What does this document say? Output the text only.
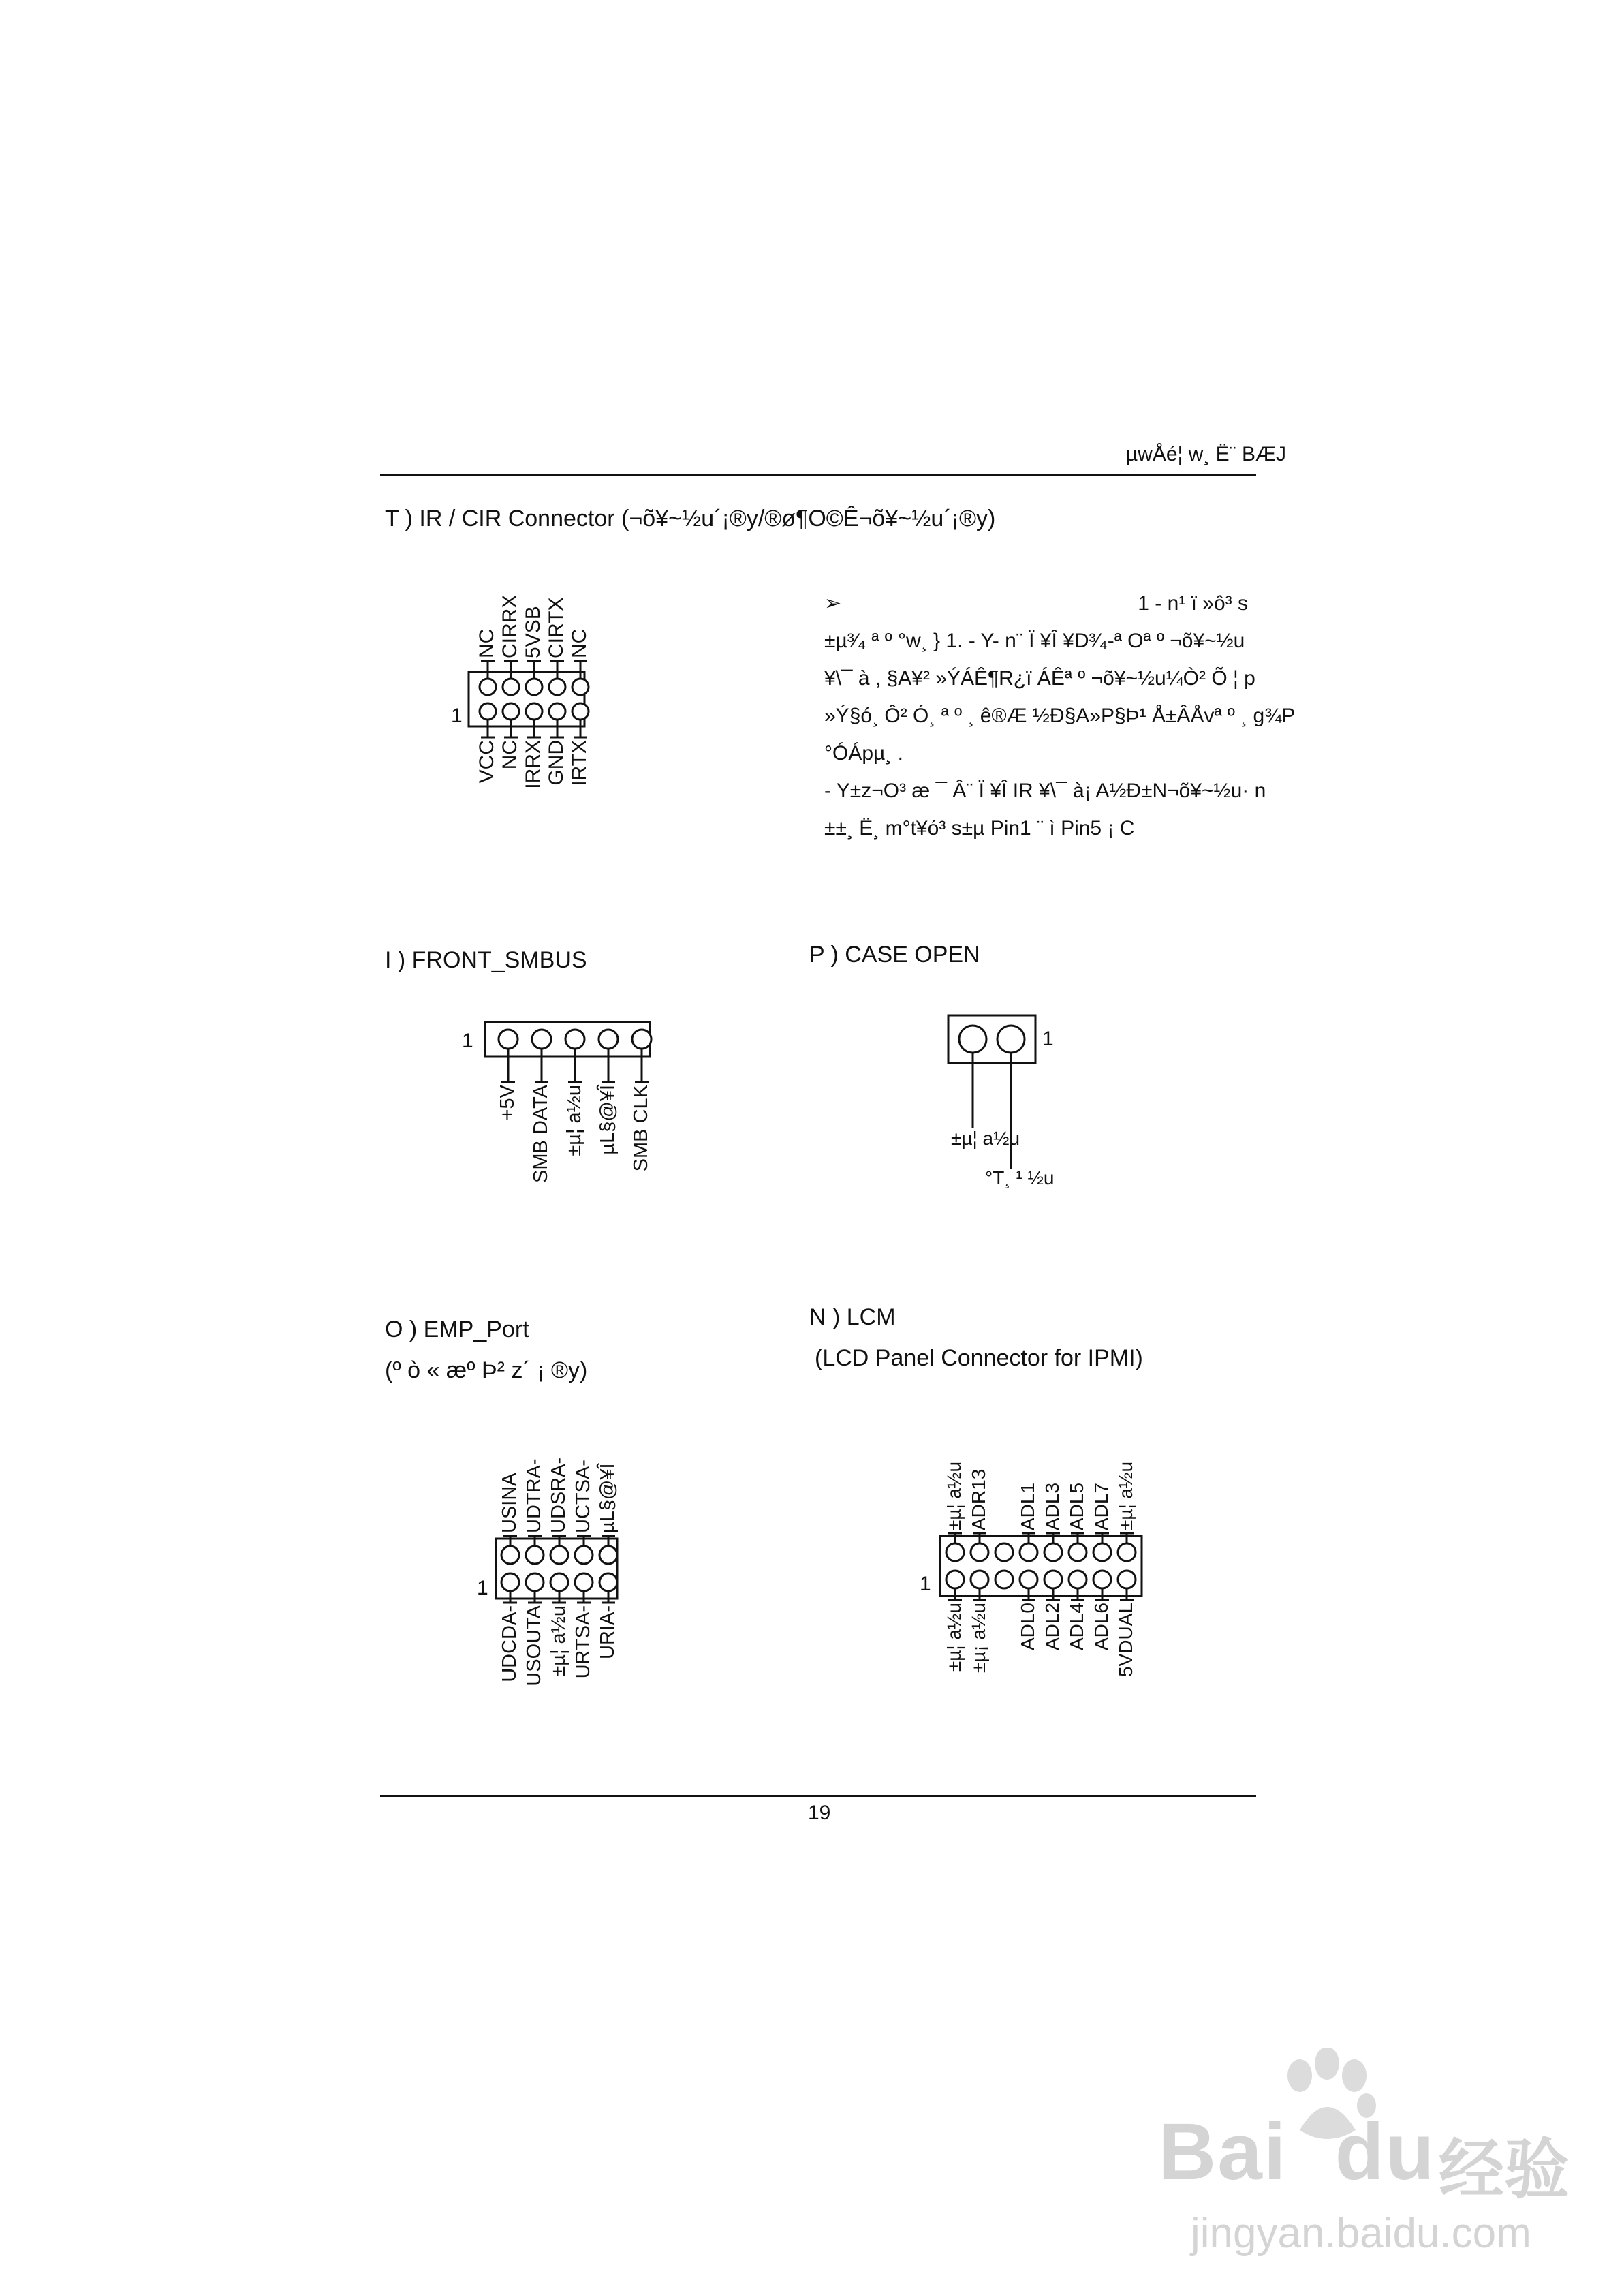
µwÅé¦ w¸ Ë¨ BÆJ
T ) IR / CIR Connector (¬õ¥~½u´¡®y/®ø¶O©Ê¬õ¥~½u´¡®y)
1
NC CIRRX 5VSB CIRTX NC
VCC NC IRRX GND IRTX
➢	1 - n¹ ï »ô³ s
±µ³⁄₄ ª º °w¸ } 1. - Y- n¨ Ï ¥Î ¥D³⁄₄-ª Oª º ¬õ¥~½u
¥\¯ à , §A¥² »ÝÁÊ¶R¿ï ÁÊª º ¬õ¥~½u¼Ò² Õ ¦ p
»Ý§ó¸ Ô² Ó¸ ª º ¸ ê®Æ ½Ð§A»P§Þ¹ Å±ÂÅvª º ¸ g¾P
°ÓÁpµ¸ .
- Y±z¬O³ æ ¯ Â¨ Ï ¥Î IR ¥\¯ à¡ A½Ð±N¬õ¥~½u· n
±±¸ Ë¸ m°t¥ó³ s±µ Pin1 ¨ ì Pin5 ¡ C
I ) FRONT_SMBUS
1
+5V SMB DATA ±µ¦ a½u µL§@¥Î SMB CLK
P ) CASE OPEN
1
±µ¦ a½u
°T¸ ¹ ½u
O ) EMP_Port
(º ò « æº Þ² z´ ¡ ®y)
1
USINA UDTRA- UDSRA- UCTSA- µL§@¥Î
UDCDA- USOUTA ±µ¦ a½u URTSA- URIA-
N ) LCM
(LCD Panel Connector for IPMI)
1
±µ¦ a½u ADR13 ADL1 ADL3 ADL5 ADL7 ±µ¦ a½u
±µ¦ a½u ±µ¡ a½u ADL0 ADL2 ADL4 ADL6 5VDUAL
19
Bai du 经验
jingyan.baidu.com
